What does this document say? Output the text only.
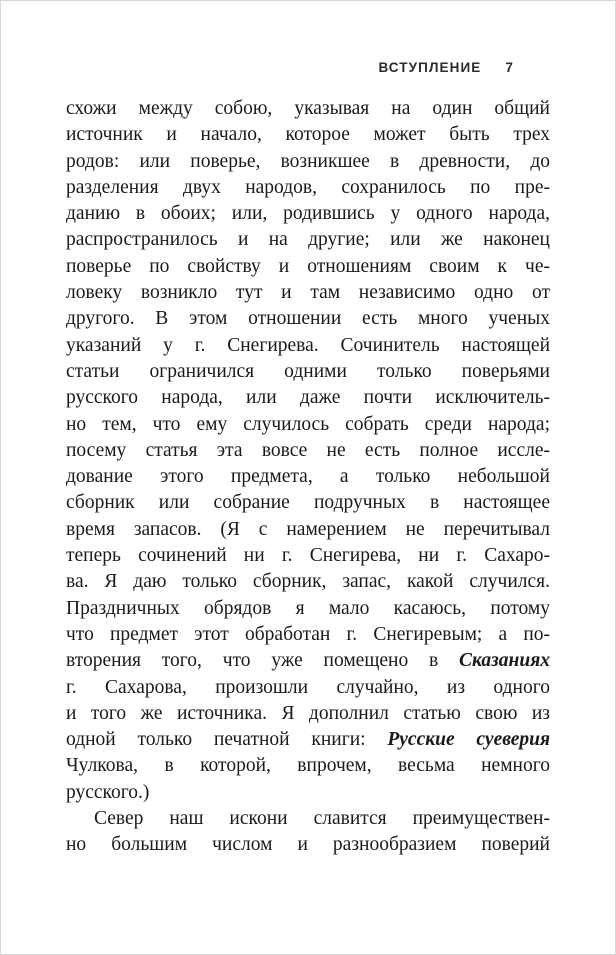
ВСТУПЛЕНИЕ 7
схожи между собою, указывая на один общий
источник и начало, которое может быть трех
родов: или поверье, возникшее в древности, до
разделения двух народов, сохранилось по пре-
данию в обоих; или, родившись у одного народа,
распространилось и на другие; или же наконец
поверье по свойству и отношениям своим к че-
ловеку возникло тут и там независимо одно от
другого. В этом отношении есть много ученых
указаний у г. Снегирева. Сочинитель настоящей
статьи ограничился одними только поверьями
русского народа, или даже почти исключитель-
но тем, что ему случилось собрать среди народа;
посему статья эта вовсе не есть полное иссле-
дование этого предмета, а только небольшой
сборник или собрание подручных в настоящее
время запасов. (Я с намерением не перечитывал
теперь сочинений ни г. Снегирева, ни г. Сахаро-
ва. Я даю только сборник, запас, какой случился.
Праздничных обрядов я мало касаюсь, потому
что предмет этот обработан г. Снегиревым; а по-
вторения того, что уже помещено в Сказаниях
г. Сахарова, произошли случайно, из одного
и того же источника. Я дополнил статью свою из
одной только печатной книги: Русские суеверия
Чулкова, в которой, впрочем, весьма немного
русского.)
Север наш искони славится преимуществен-
но большим числом и разнообразием поверий
